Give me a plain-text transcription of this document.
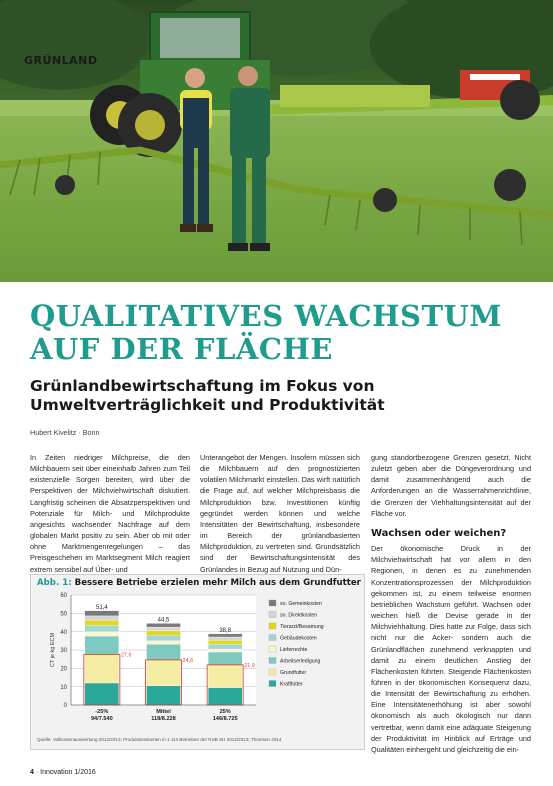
GRÜNLAND
QUALITATIVES WACHSTUM
AUF DER FLÄCHE
Grünlandbewirtschaftung im Fokus von Umweltverträglichkeit und Produktivität
Hubert Kivelitz · Bonn

In Zeiten niedriger Milchpreise, die den Milchbauern seit über eineinhalb Jahren zum Teil existenzielle Sorgen bereiten, wird über die Perspektiven der Milchviehwirtschaft diskutiert. Langfristig scheinen die Absatzperspektiven und Potenziale für Milch- und Milchprodukte angesichts wachsender Nachfrage auf dem globalen Markt positiv zu sein. Aber ob mit oder ohne Marktmengenregelungen – das Preisgeschehen im Marktsegment Milch reagiert extrem sensibel auf Über- und

Unterangebot der Mengen. Insofern müssen sich die Milchbauern auf den prognostizierten volatilen Milchmarkt einstellen. Das wirft natürlich die Frage auf, auf welcher Milchpreisbasis die Milchproduktion bzw. Investitionen künftig gegründet werden können und welche Intensitäten der Bewirtschaftung, insbesondere im Bereich der grünlandbasierten Milchproduktion, zu vertreten sind. Grundsätzlich sind der Bewirtschaftungsintensität des Grünlandes in Bezug auf Nutzung und Dün-

gung standortbezogene Grenzen gesetzt. Nicht zuletzt geben aber die Düngeverordnung und damit zusammenhängend auch die Anforderungen an die Wasserrahmenrichtlinie, die Grenzen der Viehhaltungsintensität auf der Fläche vor.

Wachsen oder weichen?

Der ökonomische Druck in der Milchviehwirtschaft hat vor allem in den Regionen, in denen es zu zunehmenden Konzentrationsprozessen der Milchproduktion gekommen ist, zu einem teilweise enormen betrieblichen Wachstum geführt. Wachsen oder weichen hieß die Devise gerade in der Milchviehhaltung. Dies hatte zur Folge, dass sich nicht nur die Acker- sondern auch die Grünlandflächen zunehmend verknappten und damit zu einem deutlichen Anstieg der Flächenkosten führten. Steigende Flächenkosten führen in der ökonomischen Konsequenz dazu, die Intensität der Bewirtschaftung zu erhöhen. Eine Intensitätenerhöhung ist aber sowohl ökonomisch als auch ökologisch nur dann vertretbar, wenn damit eine adäquate Steigerung der Produktivität im Hinblick auf Erträge und Qualitäten einhergeht und gleichzeitig die ein-

Abb. 1: Bessere Betriebe erzielen mehr Milch aus dem Grundfutter
0
10
20
30
40
50
60
CT je kg ECM	27,6
51,4
-25%
94/7.540
24,6
44,5
Mittel
118/8.228
21,9
38,8
25%
146/8.725
so. Gemeinkosten
so. Direktkosten
Tierarzt/Besamung
Gebäudekosten
Lieferrechte
Arbeitserledigung
Grundfutter
Kraftfutter
Quelle: Vollkostenauswertung 2012/2013; Produktionskosten in 1.114 Betrieben der RSB SH 2012/2013; Thomsen 2014
4 · Innovation 1/2016
